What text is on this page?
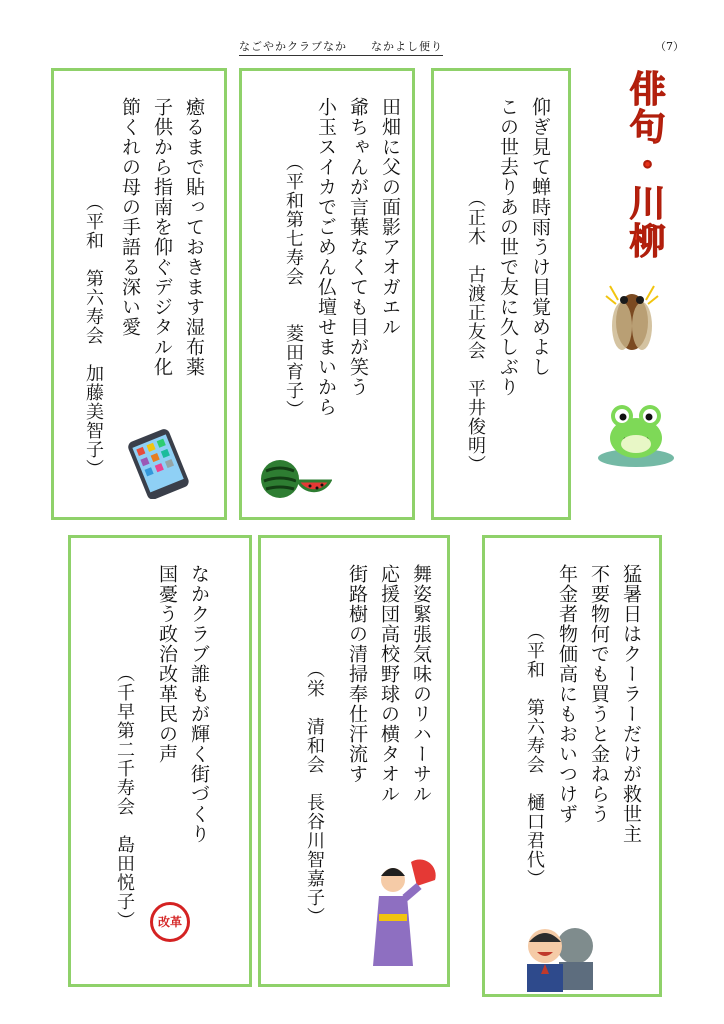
なごやかクラブなか　　なかよし便り	（7）
俳句・川柳
仰ぎ見て蝉時雨うけ目覚めよし
この世去りあの世で友に久しぶり
（正木　古渡正友会　平井俊明）
田畑に父の面影アオガエル
爺ちゃんが言葉なくても目が笑う
小玉スイカでごめん仏壇せまいから
（平和第七寿会　　菱田育子）
癒るまで貼っておきます湿布薬
子供から指南を仰ぐデジタル化
節くれの母の手語る深い愛
（平和　第六寿会　加藤美智子）
猛暑日はクーラーだけが救世主
不要物何でも買うと金ねらう
年金者物価高にもおいつけず
（平和　第六寿会　樋口君代）
舞姿緊張気味のリハーサル
応援団高校野球の横タオル
街路樹の清掃奉仕汗流す
（栄　清和会　長谷川智嘉子）
なかクラブ誰もが輝く街づくり
国憂う政治改革民の声
（千早第二千寿会　島田悦子）	改革
